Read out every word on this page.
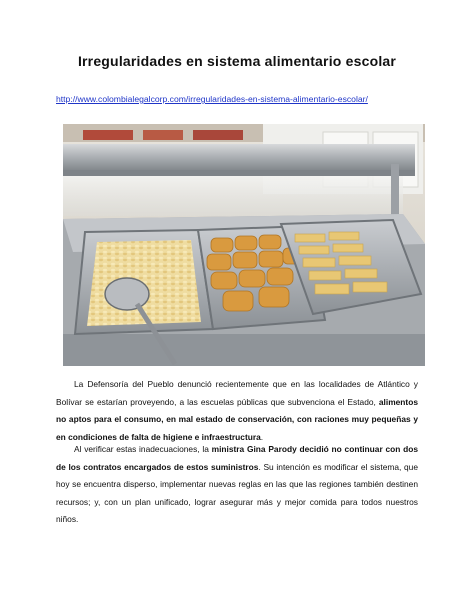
Irregularidades en sistema alimentario escolar
http://www.colombialegalcorp.com/irregularidades-en-sistema-alimentario-escolar/

La Defensoría del Pueblo denunció recientemente que en las localidades de Atlántico y Bolívar se estarían proveyendo, a las escuelas públicas que subvenciona el Estado, alimentos no aptos para el consumo, en mal estado de conservación, con raciones muy pequeñas y en condiciones de falta de higiene e infraestructura.

Al verificar estas inadecuaciones, la ministra Gina Parody decidió no continuar con dos de los contratos encargados de estos suministros. Su intención es modificar el sistema, que hoy se encuentra disperso, implementar nuevas reglas en las que las regiones también destinen recursos; y, con un plan unificado, lograr asegurar más y mejor comida para todos nuestros niños.
